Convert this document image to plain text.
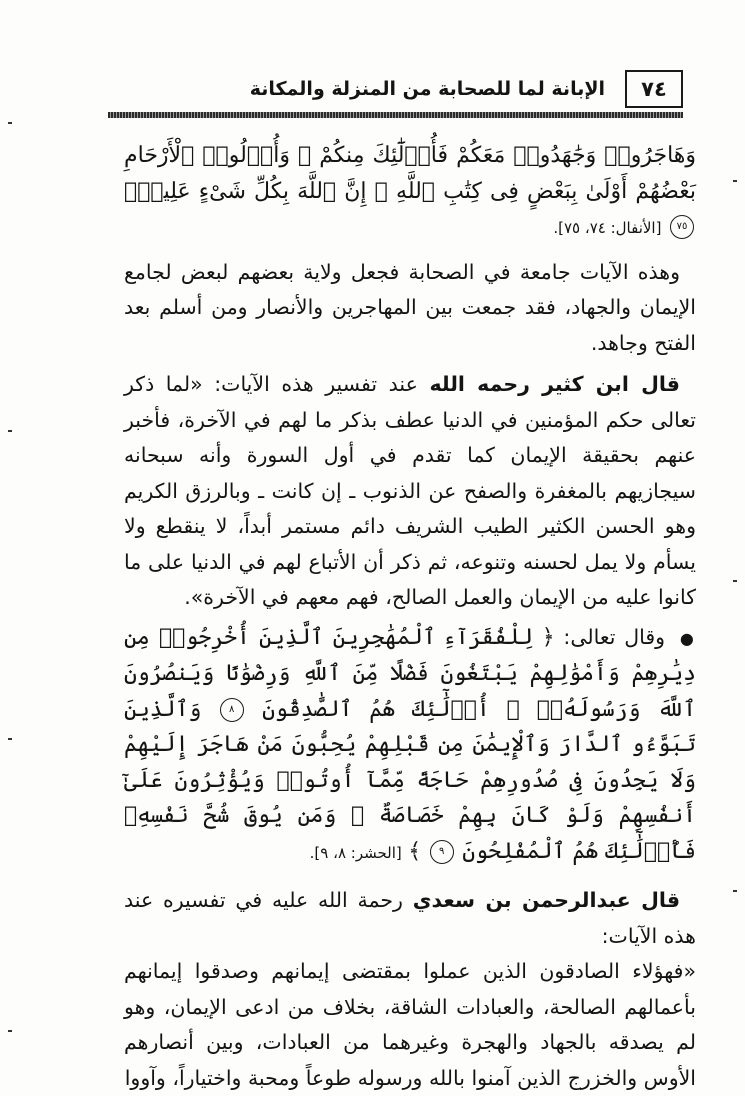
٧٤
الإبانة لما للصحابة من المنزلة والمكانة

وَهَاجَرُوا۟ وَجَٰهَدُوا۟ مَعَكُمْ فَأُو۟لَٰٓئِكَ مِنكُمْ ۚ وَأُو۟لُوا۟ ٱلْأَرْحَامِ بَعْضُهُمْ أَوْلَىٰ بِبَعْضٍ فِى كِتَٰبِ ٱللَّهِ ۗ إِنَّ ٱللَّهَ بِكُلِّ شَىْءٍ عَلِيمٌۢ ٧٥ [الأنفال: ٧٤، ٧٥].

وهذه الآيات جامعة في الصحابة فجعل ولاية بعضهم لبعض لجامع الإيمان والجهاد، فقد جمعت بين المهاجرين والأنصار ومن أسلم بعد الفتح وجاهد.

قال ابن كثير رحمه الله عند تفسير هذه الآيات: «لما ذكر تعالى حكم المؤمنين في الدنيا عطف بذكر ما لهم في الآخرة، فأخبر عنهم بحقيقة الإيمان كما تقدم في أول السورة وأنه سبحانه سيجازيهم بالمغفرة والصفح عن الذنوب ـ إن كانت ـ وبالرزق الكريم وهو الحسن الكثير الطيب الشريف دائم مستمر أبداً، لا ينقطع ولا يسأم ولا يمل لحسنه وتنوعه، ثم ذكر أن الأتباع لهم في الدنيا على ما كانوا عليه من الإيمان والعمل الصالح، فهم معهم في الآخرة».

● وقال تعالى: ﴿ لِلْفُقَرَآءِ ٱلْمُهَٰجِرِينَ ٱلَّذِينَ أُخْرِجُوا۟ مِن دِيَٰرِهِمْ وَأَمْوَٰلِهِمْ يَبْتَغُونَ فَضْلًا مِّنَ ٱللَّهِ وَرِضْوَٰنًا وَيَنصُرُونَ ٱللَّهَ وَرَسُولَهُۥٓ ۚ أُو۟لَٰٓئِكَ هُمُ ٱلصَّٰدِقُونَ ٨ وَٱلَّذِينَ تَبَوَّءُو ٱلدَّارَ وَٱلْإِيمَٰنَ مِن قَبْلِهِمْ يُحِبُّونَ مَنْ هَاجَرَ إِلَيْهِمْ وَلَا يَجِدُونَ فِى صُدُورِهِمْ حَاجَةً مِّمَّآ أُوتُوا۟ وَيُؤْثِرُونَ عَلَىٰٓ أَنفُسِهِمْ وَلَوْ كَانَ بِهِمْ خَصَاصَةٌ ۚ وَمَن يُوقَ شُحَّ نَفْسِهِۦ فَأُو۟لَٰٓئِكَ هُمُ ٱلْمُفْلِحُونَ ٩ ﴾ [الحشر: ٨، ٩].

قال عبدالرحمن بن سعدي رحمة الله عليه في تفسيره عند هذه الآيات:

«فهؤلاء الصادقون الذين عملوا بمقتضى إيمانهم وصدقوا إيمانهم بأعمالهم الصالحة، والعبادات الشاقة، بخلاف من ادعى الإيمان، وهو لم يصدقه بالجهاد والهجرة وغيرهما من العبادات، وبين أنصارهم الأوس والخزرج الذين آمنوا بالله ورسوله طوعاً ومحبة واختياراً، وآووا
